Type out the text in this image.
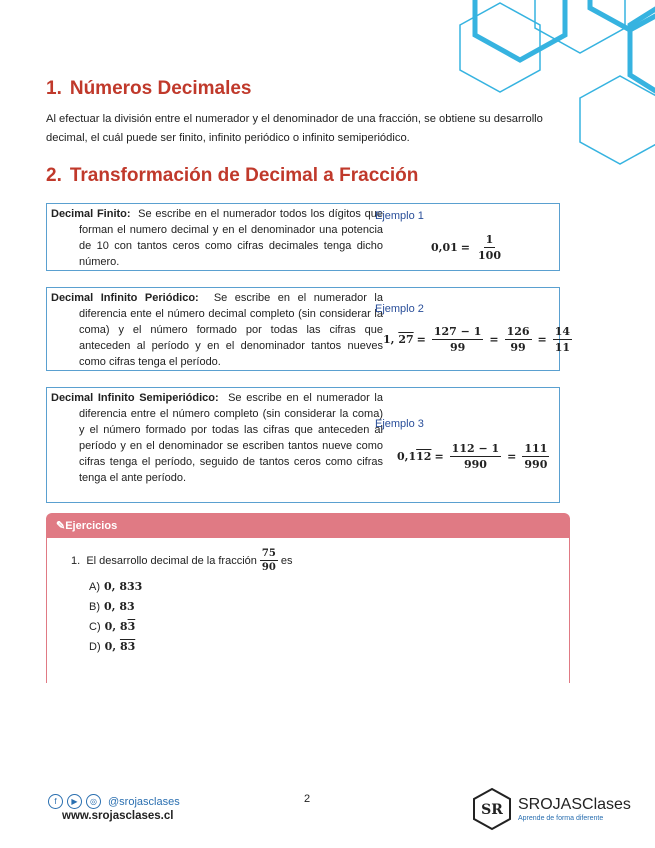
1. Números Decimales
Al efectuar la división entre el numerador y el denominador de una fracción, se obtiene su desarrollo decimal, el cuál puede ser finito, infinito periódico o infinito semiperiódico.
2. Transformación de Decimal a Fracción
Decimal Finito: Se escribe en el numerador todos los dígitos que forman el numero decimal y en el denominador una potencia de 10 con tantos ceros como cifras decimales tenga dicho número.
Ejemplo 1
$0,01 = \frac{1}{100}$
Decimal Infinito Periódico: Se escribe en el numerador la diferencia ente el número decimal completo (sin considerar la coma) y el número formado por todas las cifras que anteceden al período y en el denominador tantos nueves como cifras tenga el período.
Ejemplo 2
1, $27 = \frac{127 - 1}{99} = \frac{126}{99} = \frac{14}{11}$
Decimal Infinito Semiperiódico: Se escribe en el numerador la diferencia entre el número completo (sin considerar la coma) y el número formado por todas las cifras que anteceden al período y en el denominador se escriben tantos nueve como cifras tenga el período, seguido de tantos ceros como cifras tenga el ante período.
Ejemplo 3
$0,112 = \frac{112 - 1}{990} = \frac{111}{990}$
✎Ejercicios
1.
El desarrollo decimal de la fracción $\frac{75}{90}$ es
A) 0, 833
B) 0, 83
C) 0, 83
D) 0, 83
f	▶	◎	@srojasclases
www.srojasclases.cl
2
SR SROJASClases
Aprende de forma diferente
